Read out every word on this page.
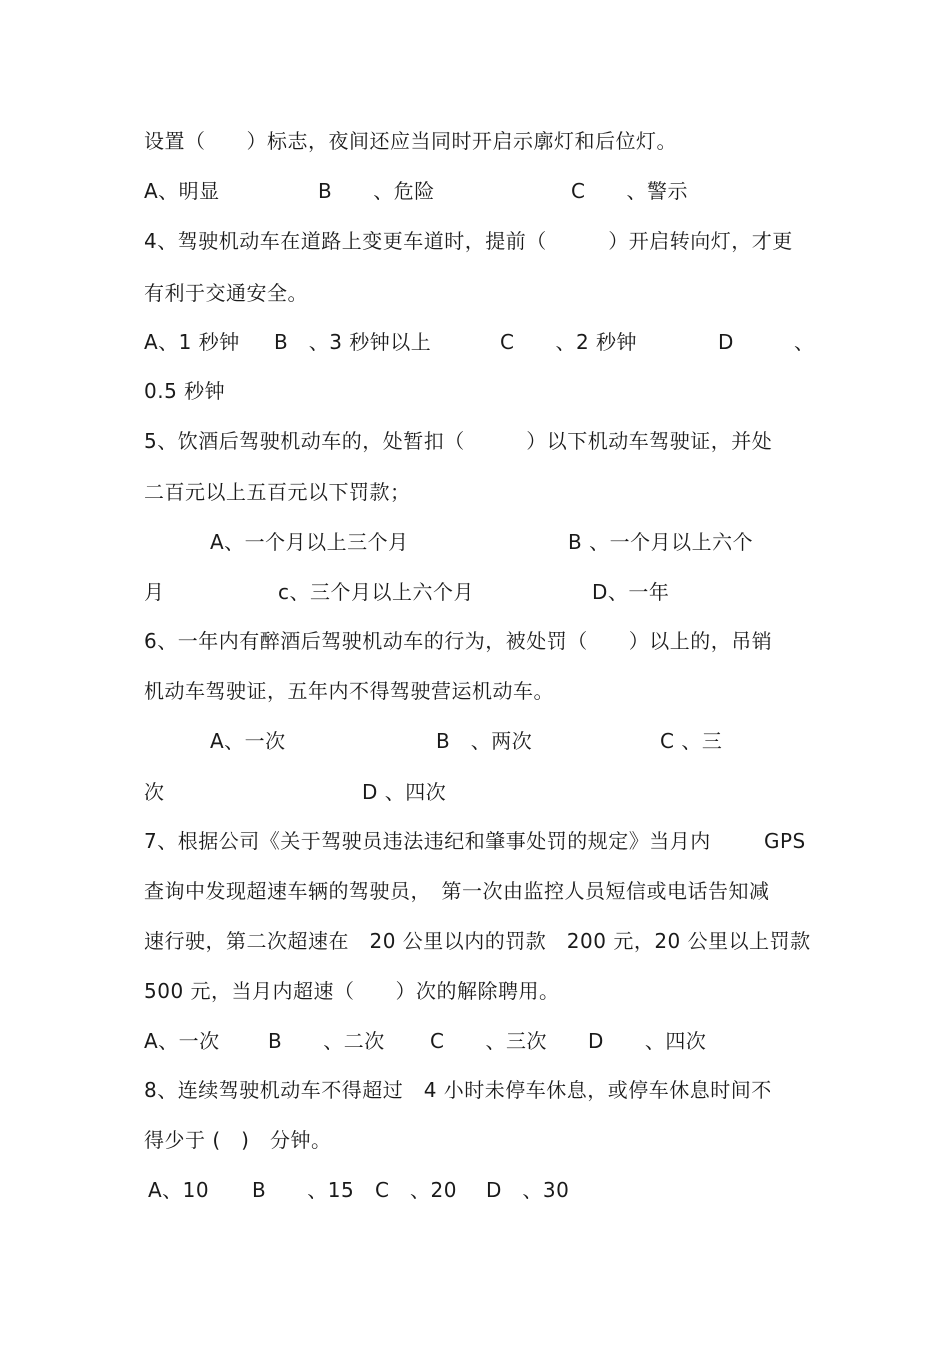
设置（　　）标志，夜间还应当同时开启示廓灯和后位灯。
A、明显	B　　、危险	C　　、警示
4、驾驶机动车在道路上变更车道时，提前（　　　）开启转向灯，才更
有利于交通安全。
A、1 秒钟 B　、3 秒钟以上	C　　、2 秒钟	D	、
0.5 秒钟
5、饮酒后驾驶机动车的，处暂扣（　　　）以下机动车驾驶证，并处
二百元以上五百元以下罚款；
A、一个月以上三个月	B 、一个月以上六个
月	c、三个月以上六个月	D、一年
6、一年内有醉酒后驾驶机动车的行为，被处罚（　　）以上的，吊销
机动车驾驶证，五年内不得驾驶营运机动车。
A、一次	B　、两次	C 、三
次	D 、四次
7、根据公司《关于驾驶员违法违纪和肇事处罚的规定》当月内	GPS
查询中发现超速车辆的驾驶员，　第一次由监控人员短信或电话告知减
速行驶，第二次超速在　20 公里以内的罚款　200 元，20 公里以上罚款
500 元，当月内超速（　　）次的解除聘用。
A、一次 B　　、二次 C　　、三次 D　　、四次
8、连续驾驶机动车不得超过　4 小时未停车休息，或停车休息时间不
得少于 (　)　分钟。
A、10 B　　、15 C　、20 D　、30
